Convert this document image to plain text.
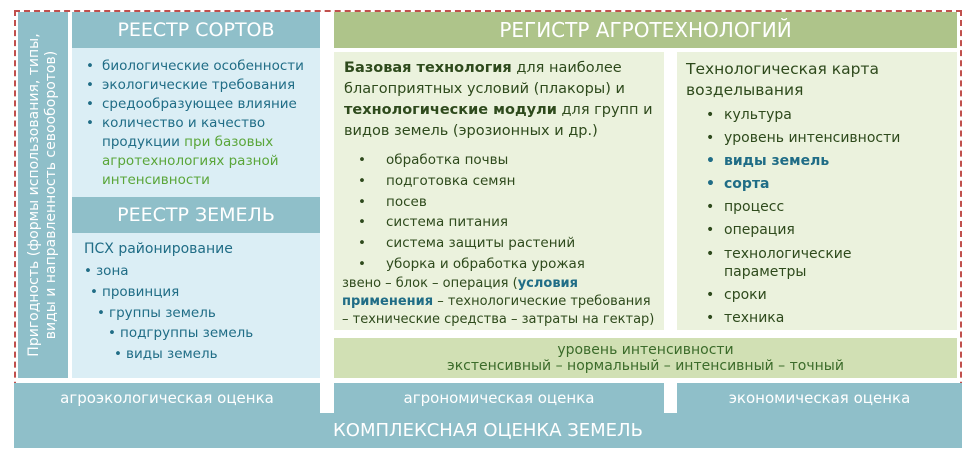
Пригодность (формы использования, типы, виды и направленность севооборотов)
РЕЕСТР СОРТОВ
• биологические особенности
• экологические требования
• средообразующее влияние
• количество и качество
продукции при базовых
агротехнологиях разной
интенсивности
РЕЕСТР ЗЕМЕЛЬ
ПСХ районирование
• зона
• провинция
• группы земель
• подгруппы земель
• виды земель
РЕГИСТР АГРОТЕХНОЛОГИЙ
Базовая технология для наиболее
благоприятных условий (плакоры) и
технологические модули для групп и
видов земель (эрозионных и др.)
• обработка почвы
• подготовка семян
• посев
• система питания
• система защиты растений
• уборка и обработка урожая
звено – блок – операция (условия
применения – технологические требования
– технические средства – затраты на гектар)
Технологическая карта
возделывания
• культура
• уровень интенсивности
• виды земель
• сорта
• процесс
• операция
• технологические параметры
• сроки
• техника
уровень интенсивности
экстенсивный – нормальный – интенсивный – точный
агроэкологическая оценка	агрономическая оценка	экономическая оценка
КОМПЛЕКСНАЯ ОЦЕНКА ЗЕМЕЛЬ
